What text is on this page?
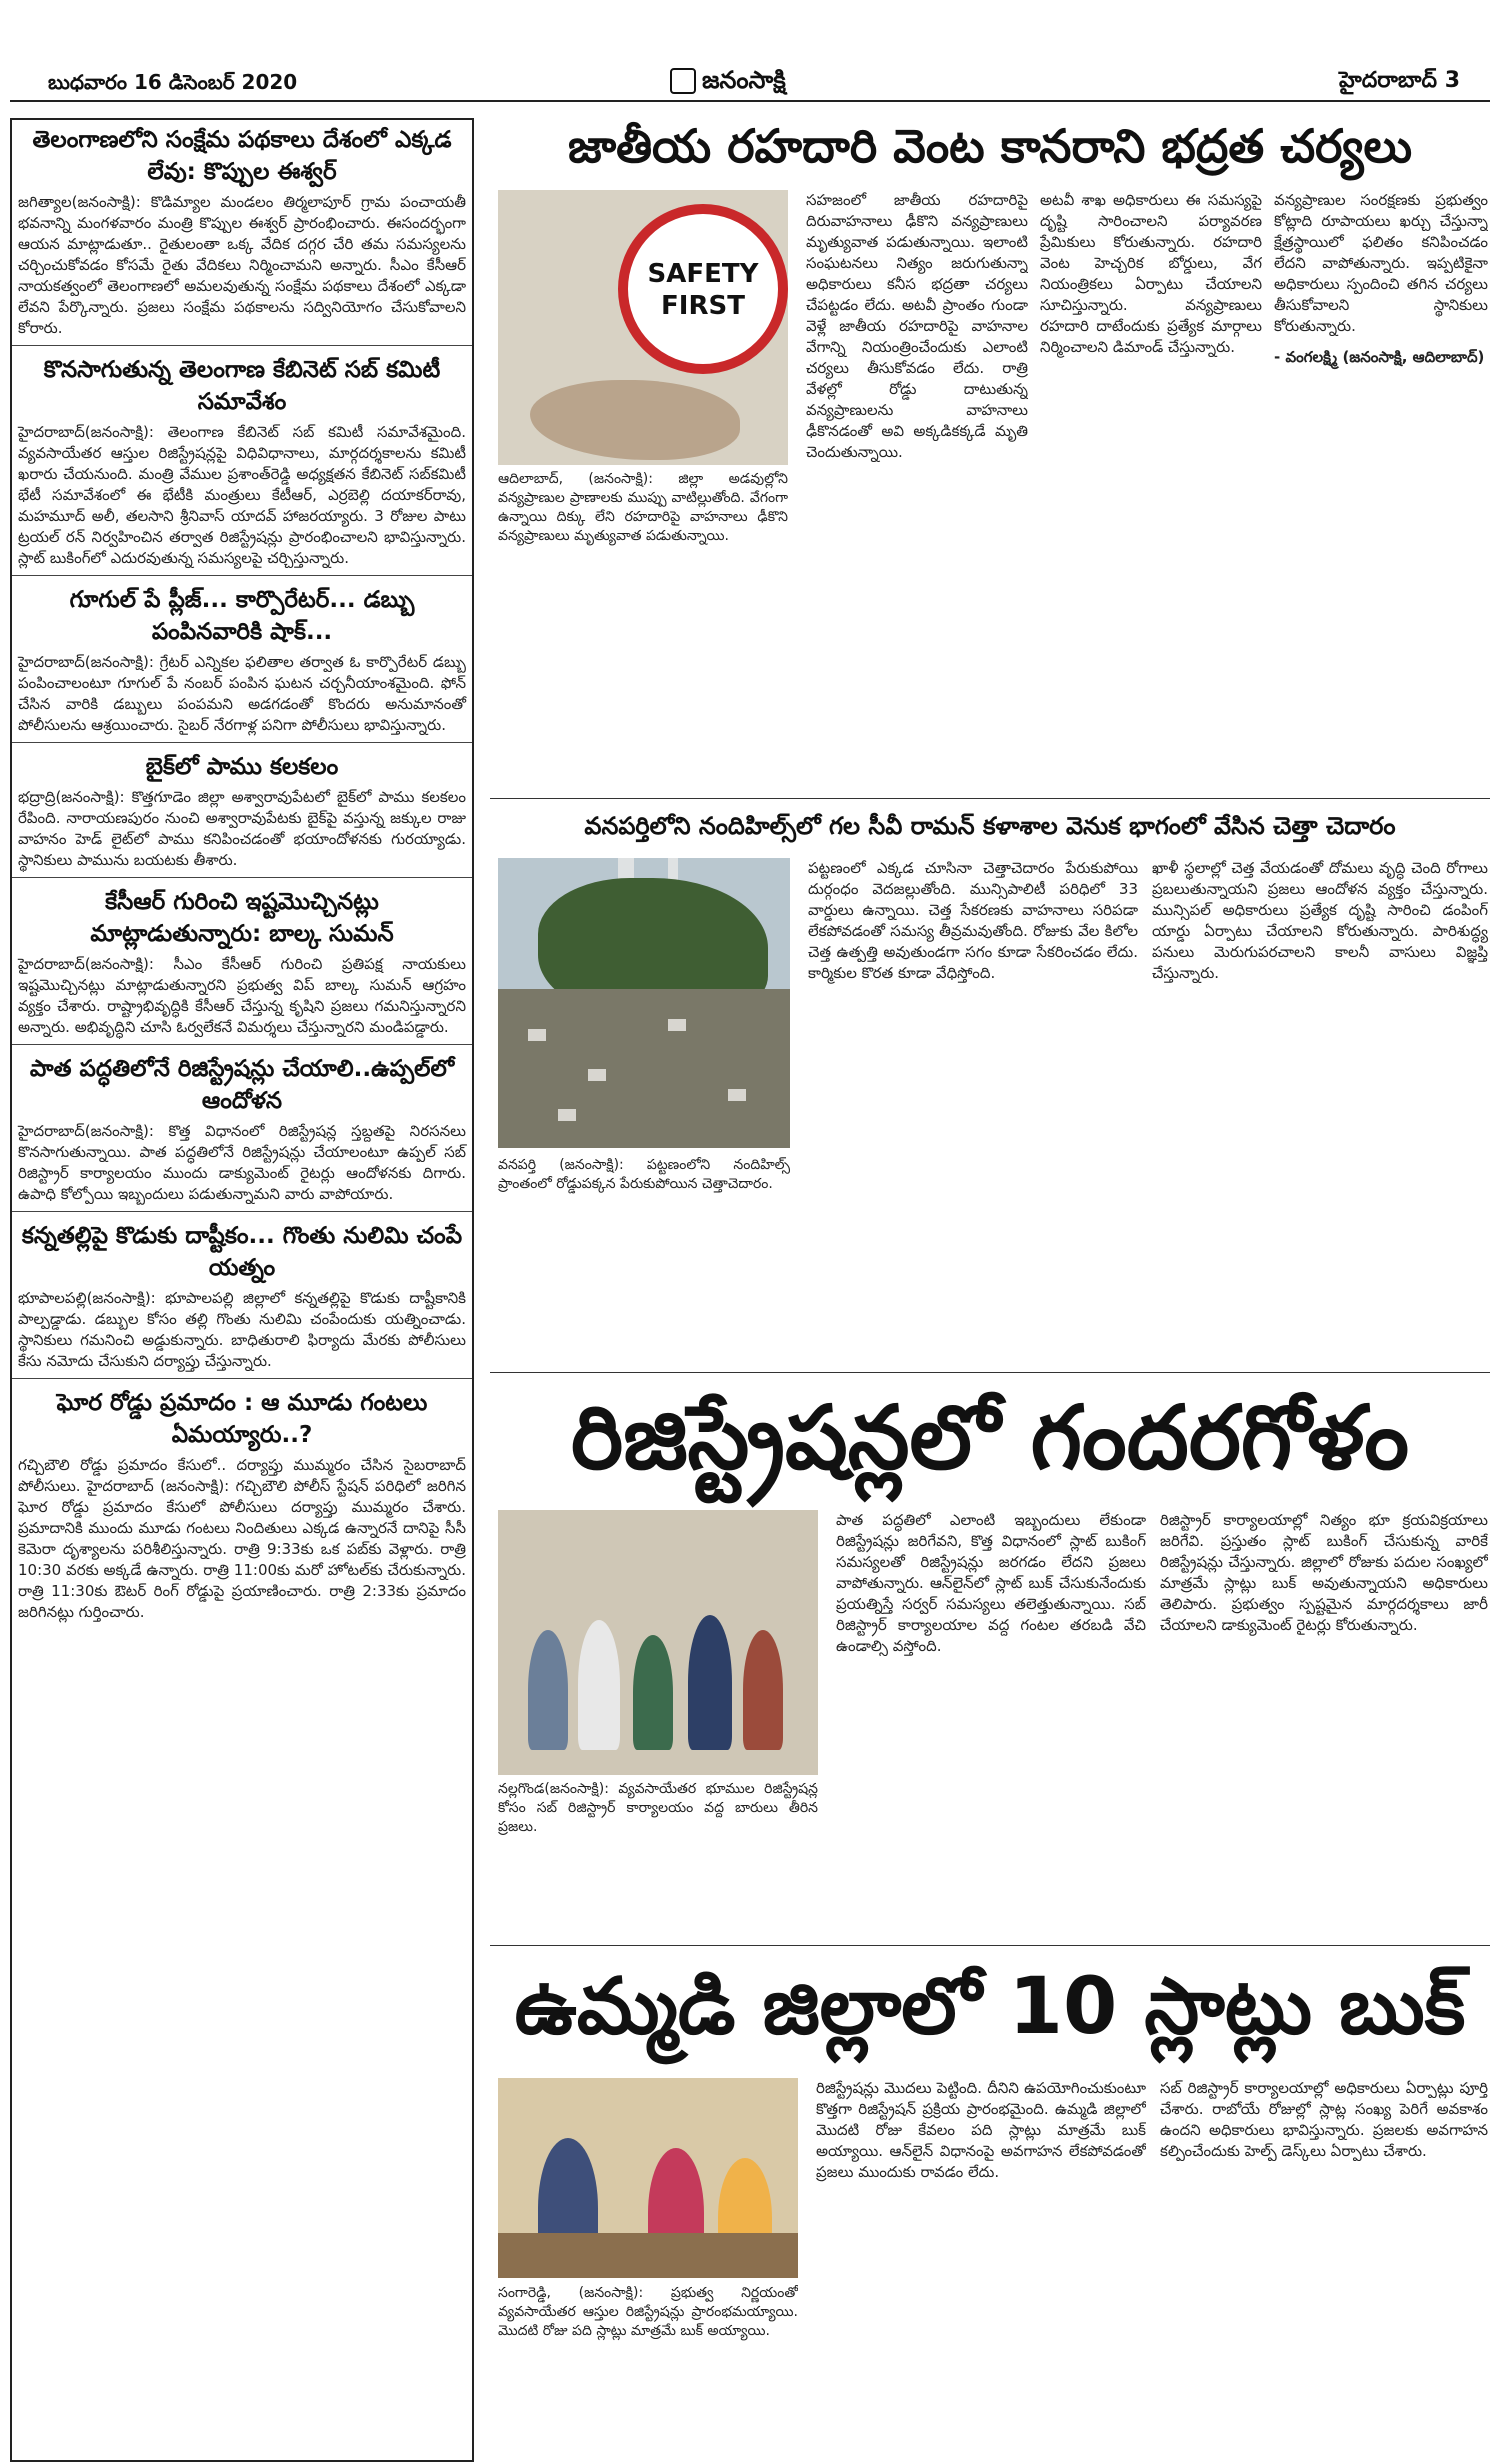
బుధవారం 16 డిసెంబర్ 2020	జనంసాక్షి	హైదరాబాద్ 3

తెలంగాణలోని సంక్షేమ పథకాలు దేశంలో ఎక్కడ లేవు: కొప్పుల ఈశ్వర్

జగిత్యాల(జనంసాక్షి): కొడిమ్యాల మండలం తిర్మలాపూర్ గ్రామ పంచాయతీ భవనాన్ని మంగళవారం మంత్రి కొప్పుల ఈశ్వర్ ప్రారంభించారు. ఈసందర్భంగా ఆయన మాట్లాడుతూ.. రైతులంతా ఒక్క వేదిక దగ్గర చేరి తమ సమస్యలను చర్చించుకోవడం కోసమే రైతు వేదికలు నిర్మించామని అన్నారు. సీఎం కేసీఆర్ నాయకత్వంలో తెలంగాణలో అమలవుతున్న సంక్షేమ పథకాలు దేశంలో ఎక్కడా లేవని పేర్కొన్నారు. ప్రజలు సంక్షేమ పథకాలను సద్వినియోగం చేసుకోవాలని కోరారు.

కొనసాగుతున్న తెలంగాణ కేబినెట్ సబ్ కమిటీ సమావేశం

హైదరాబాద్(జనంసాక్షి): తెలంగాణ కేబినెట్ సబ్ కమిటీ సమావేశమైంది. వ్యవసాయేతర ఆస్తుల రిజిస్ట్రేషన్లపై విధివిధానాలు, మార్గదర్శకాలను కమిటీ ఖరారు చేయనుంది. మంత్రి వేముల ప్రశాంత్‌రెడ్డి అధ్యక్షతన కేబినెట్ సబ్‌కమిటీ భేటీ సమావేశంలో ఈ భేటీకి మంత్రులు కేటీఆర్, ఎర్రబెల్లి దయాకర్‌రావు, మహమూద్ అలీ, తలసాని శ్రీనివాస్ యాదవ్ హాజరయ్యారు. 3 రోజుల పాటు ట్రయల్ రన్ నిర్వహించిన తర్వాత రిజిస్ట్రేషన్లు ప్రారంభించాలని భావిస్తున్నారు. స్లాట్ బుకింగ్‌లో ఎదురవుతున్న సమస్యలపై చర్చిస్తున్నారు.

గూగుల్ పే ప్లీజ్... కార్పొరేటర్... డబ్బు పంపినవారికి షాక్...

హైదరాబాద్(జనంసాక్షి): గ్రేటర్ ఎన్నికల ఫలితాల తర్వాత ఓ కార్పొరేటర్ డబ్బు పంపించాలంటూ గూగుల్ పే నంబర్ పంపిన ఘటన చర్చనీయాంశమైంది. ఫోన్ చేసిన వారికి డబ్బులు పంపమని అడగడంతో కొందరు అనుమానంతో పోలీసులను ఆశ్రయించారు. సైబర్ నేరగాళ్ల పనిగా పోలీసులు భావిస్తున్నారు.

బైక్‌లో పాము కలకలం

భద్రాద్రి(జనంసాక్షి): కొత్తగూడెం జిల్లా అశ్వారావుపేటలో బైక్‌లో పాము కలకలం రేపింది. నారాయణపురం నుంచి అశ్వారావుపేటకు బైక్‌పై వస్తున్న జక్కుల రాజు వాహనం హెడ్ లైట్‌లో పాము కనిపించడంతో భయాందోళనకు గురయ్యాడు. స్థానికులు పామును బయటకు తీశారు.

కేసీఆర్ గురించి ఇష్టమొచ్చినట్లు మాట్లాడుతున్నారు: బాల్క సుమన్

హైదరాబాద్(జనంసాక్షి): సీఎం కేసీఆర్ గురించి ప్రతిపక్ష నాయకులు ఇష్టమొచ్చినట్లు మాట్లాడుతున్నారని ప్రభుత్వ విప్ బాల్క సుమన్ ఆగ్రహం వ్యక్తం చేశారు. రాష్ట్రాభివృద్ధికి కేసీఆర్ చేస్తున్న కృషిని ప్రజలు గమనిస్తున్నారని అన్నారు. అభివృద్ధిని చూసి ఓర్వలేకనే విమర్శలు చేస్తున్నారని మండిపడ్డారు.

పాత పద్ధతిలోనే రిజిస్ట్రేషన్లు చేయాలి..ఉప్పల్‌లో ఆందోళన

హైదరాబాద్(జనంసాక్షి): కొత్త విధానంలో రిజిస్ట్రేషన్ల స్తబ్దతపై నిరసనలు కొనసాగుతున్నాయి. పాత పద్ధతిలోనే రిజిస్ట్రేషన్లు చేయాలంటూ ఉప్పల్ సబ్ రిజిస్ట్రార్ కార్యాలయం ముందు డాక్యుమెంట్ రైటర్లు ఆందోళనకు దిగారు. ఉపాధి కోల్పోయి ఇబ్బందులు పడుతున్నామని వారు వాపోయారు.

కన్నతల్లిపై కొడుకు దాష్టీకం... గొంతు నులిమి చంపే యత్నం

భూపాలపల్లి(జనంసాక్షి): భూపాలపల్లి జిల్లాలో కన్నతల్లిపై కొడుకు దాష్టీకానికి పాల్పడ్డాడు. డబ్బుల కోసం తల్లి గొంతు నులిమి చంపేందుకు యత్నించాడు. స్థానికులు గమనించి అడ్డుకున్నారు. బాధితురాలి ఫిర్యాదు మేరకు పోలీసులు కేసు నమోదు చేసుకుని దర్యాప్తు చేస్తున్నారు.

ఘోర రోడ్డు ప్రమాదం : ఆ మూడు గంటలు ఏమయ్యారు..?

గచ్చిబౌలి రోడ్డు ప్రమాదం కేసులో.. దర్యాప్తు ముమ్మరం చేసిన సైబరాబాద్ పోలీసులు. హైదరాబాద్ (జనంసాక్షి): గచ్చిబౌలి పోలీస్ స్టేషన్ పరిధిలో జరిగిన ఘోర రోడ్డు ప్రమాదం కేసులో పోలీసులు దర్యాప్తు ముమ్మరం చేశారు. ప్రమాదానికి ముందు మూడు గంటలు నిందితులు ఎక్కడ ఉన్నారనే దానిపై సీసీ కెమెరా దృశ్యాలను పరిశీలిస్తున్నారు. రాత్రి 9:33కు ఒక పబ్‌కు వెళ్లారు. రాత్రి 10:30 వరకు అక్కడే ఉన్నారు. రాత్రి 11:00కు మరో హోటల్‌కు చేరుకున్నారు. రాత్రి 11:30కు ఔటర్ రింగ్ రోడ్డుపై ప్రయాణించారు. రాత్రి 2:33కు ప్రమాదం జరిగినట్లు గుర్తించారు.

జాతీయ రహదారి వెంట కానరాని భద్రత చర్యలు
SAFETY
FIRST

ఆదిలాబాద్, (జనంసాక్షి): జిల్లా అడవుల్లోని వన్యప్రాణుల ప్రాణాలకు ముప్పు వాటిల్లుతోంది. వేగంగా ఉన్నాయి దిక్కు లేని రహదారిపై వాహనాలు ఢీకొని వన్యప్రాణులు మృత్యువాత పడుతున్నాయి.

సహజంలో జాతీయ రహదారిపై దిరువాహనాలు ఢీకొని వన్యప్రాణులు మృత్యువాత పడుతున్నాయి. ఇలాంటి సంఘటనలు నిత్యం జరుగుతున్నా అధికారులు కనీస భద్రతా చర్యలు చేపట్టడం లేదు. అటవీ ప్రాంతం గుండా వెళ్లే జాతీయ రహదారిపై వాహనాల వేగాన్ని నియంత్రించేందుకు ఎలాంటి చర్యలు తీసుకోవడం లేదు. రాత్రి వేళల్లో రోడ్డు దాటుతున్న వన్యప్రాణులను వాహనాలు ఢీకొనడంతో అవి అక్కడికక్కడే మృతి చెందుతున్నాయి.

అటవీ శాఖ అధికారులు ఈ సమస్యపై దృష్టి సారించాలని పర్యావరణ ప్రేమికులు కోరుతున్నారు. రహదారి వెంట హెచ్చరిక బోర్డులు, వేగ నియంత్రికలు ఏర్పాటు చేయాలని సూచిస్తున్నారు. వన్యప్రాణులు రహదారి దాటేందుకు ప్రత్యేక మార్గాలు నిర్మించాలని డిమాండ్ చేస్తున్నారు.

వన్యప్రాణుల సంరక్షణకు ప్రభుత్వం కోట్లాది రూపాయలు ఖర్చు చేస్తున్నా క్షేత్రస్థాయిలో ఫలితం కనిపించడం లేదని వాపోతున్నారు. ఇప్పటికైనా అధికారులు స్పందించి తగిన చర్యలు తీసుకోవాలని స్థానికులు కోరుతున్నారు.

- వంగలక్ష్మి (జనంసాక్షి, ఆదిలాబాద్)

వనపర్తిలోని నందిహిల్స్‌లో గల సీవీ రామన్ కళాశాల వెనుక భాగంలో వేసిన చెత్తా చెదారం

వనపర్తి (జనంసాక్షి): పట్టణంలోని నందిహిల్స్ ప్రాంతంలో రోడ్డుపక్కన పేరుకుపోయిన చెత్తాచెదారం.

పట్టణంలో ఎక్కడ చూసినా చెత్తాచెదారం పేరుకుపోయి దుర్గంధం వెదజల్లుతోంది. మున్సిపాలిటీ పరిధిలో 33 వార్డులు ఉన్నాయి. చెత్త సేకరణకు వాహనాలు సరిపడా లేకపోవడంతో సమస్య తీవ్రమవుతోంది. రోజుకు వేల కిలోల చెత్త ఉత్పత్తి అవుతుండగా సగం కూడా సేకరించడం లేదు. కార్మికుల కొరత కూడా వేధిస్తోంది.

ఖాళీ స్థలాల్లో చెత్త వేయడంతో దోమలు వృద్ధి చెంది రోగాలు ప్రబలుతున్నాయని ప్రజలు ఆందోళన వ్యక్తం చేస్తున్నారు. మున్సిపల్ అధికారులు ప్రత్యేక దృష్టి సారించి డంపింగ్ యార్డు ఏర్పాటు చేయాలని కోరుతున్నారు. పారిశుద్ధ్య పనులు మెరుగుపరచాలని కాలనీ వాసులు విజ్ఞప్తి చేస్తున్నారు.

రిజిస్ట్రేషన్లలో గందరగోళం

నల్లగొండ(జనంసాక్షి): వ్యవసాయేతర భూముల రిజిస్ట్రేషన్ల కోసం సబ్ రిజిస్ట్రార్ కార్యాలయం వద్ద బారులు తీరిన ప్రజలు.

పాత పద్ధతిలో ఎలాంటి ఇబ్బందులు లేకుండా రిజిస్ట్రేషన్లు జరిగేవని, కొత్త విధానంలో స్లాట్ బుకింగ్ సమస్యలతో రిజిస్ట్రేషన్లు జరగడం లేదని ప్రజలు వాపోతున్నారు. ఆన్‌లైన్‌లో స్లాట్ బుక్ చేసుకునేందుకు ప్రయత్నిస్తే సర్వర్ సమస్యలు తలెత్తుతున్నాయి. సబ్ రిజిస్ట్రార్ కార్యాలయాల వద్ద గంటల తరబడి వేచి ఉండాల్సి వస్తోంది.

రిజిస్ట్రార్ కార్యాలయాల్లో నిత్యం భూ క్రయవిక్రయాలు జరిగేవి. ప్రస్తుతం స్లాట్ బుకింగ్ చేసుకున్న వారికే రిజిస్ట్రేషన్లు చేస్తున్నారు. జిల్లాలో రోజుకు పదుల సంఖ్యలో మాత్రమే స్లాట్లు బుక్ అవుతున్నాయని అధికారులు తెలిపారు. ప్రభుత్వం స్పష్టమైన మార్గదర్శకాలు జారీ చేయాలని డాక్యుమెంట్ రైటర్లు కోరుతున్నారు.

ఉమ్మడి జిల్లాలో 10 స్లాట్లు బుక్

సంగారెడ్డి, (జనంసాక్షి): ప్రభుత్వ నిర్ణయంతో వ్యవసాయేతర ఆస్తుల రిజిస్ట్రేషన్లు ప్రారంభమయ్యాయి. మొదటి రోజు పది స్లాట్లు మాత్రమే బుక్ అయ్యాయి.

రిజిస్ట్రేషన్లు మొదలు పెట్టింది. దీనిని ఉపయోగించుకుంటూ కొత్తగా రిజిస్ట్రేషన్ ప్రక్రియ ప్రారంభమైంది. ఉమ్మడి జిల్లాలో మొదటి రోజు కేవలం పది స్లాట్లు మాత్రమే బుక్ అయ్యాయి. ఆన్‌లైన్ విధానంపై అవగాహన లేకపోవడంతో ప్రజలు ముందుకు రావడం లేదు.

సబ్ రిజిస్ట్రార్ కార్యాలయాల్లో అధికారులు ఏర్పాట్లు పూర్తి చేశారు. రాబోయే రోజుల్లో స్లాట్ల సంఖ్య పెరిగే అవకాశం ఉందని అధికారులు భావిస్తున్నారు. ప్రజలకు అవగాహన కల్పించేందుకు హెల్ప్ డెస్క్‌లు ఏర్పాటు చేశారు.
